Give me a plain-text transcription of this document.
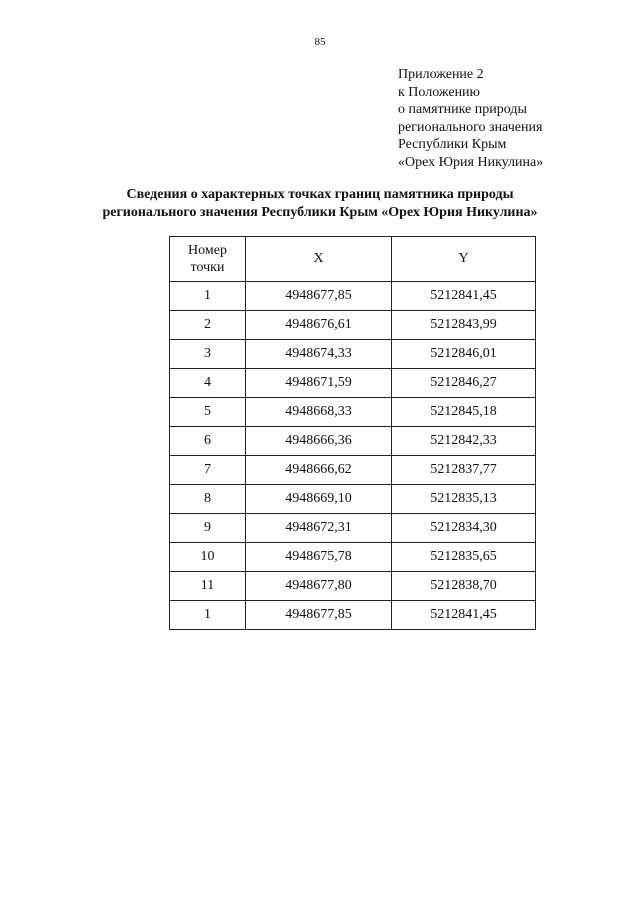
85
Приложение 2
к Положению
о памятнике природы
регионального значения
Республики Крым
«Орех Юрия Никулина»
Сведения о характерных точках границ памятника природы
регионального значения Республики Крым «Орех Юрия Никулина»
Номер
точки	X	Y
1	4948677,85	5212841,45
2	4948676,61	5212843,99
3	4948674,33	5212846,01
4	4948671,59	5212846,27
5	4948668,33	5212845,18
6	4948666,36	5212842,33
7	4948666,62	5212837,77
8	4948669,10	5212835,13
9	4948672,31	5212834,30
10	4948675,78	5212835,65
11	4948677,80	5212838,70
1	4948677,85	5212841,45
